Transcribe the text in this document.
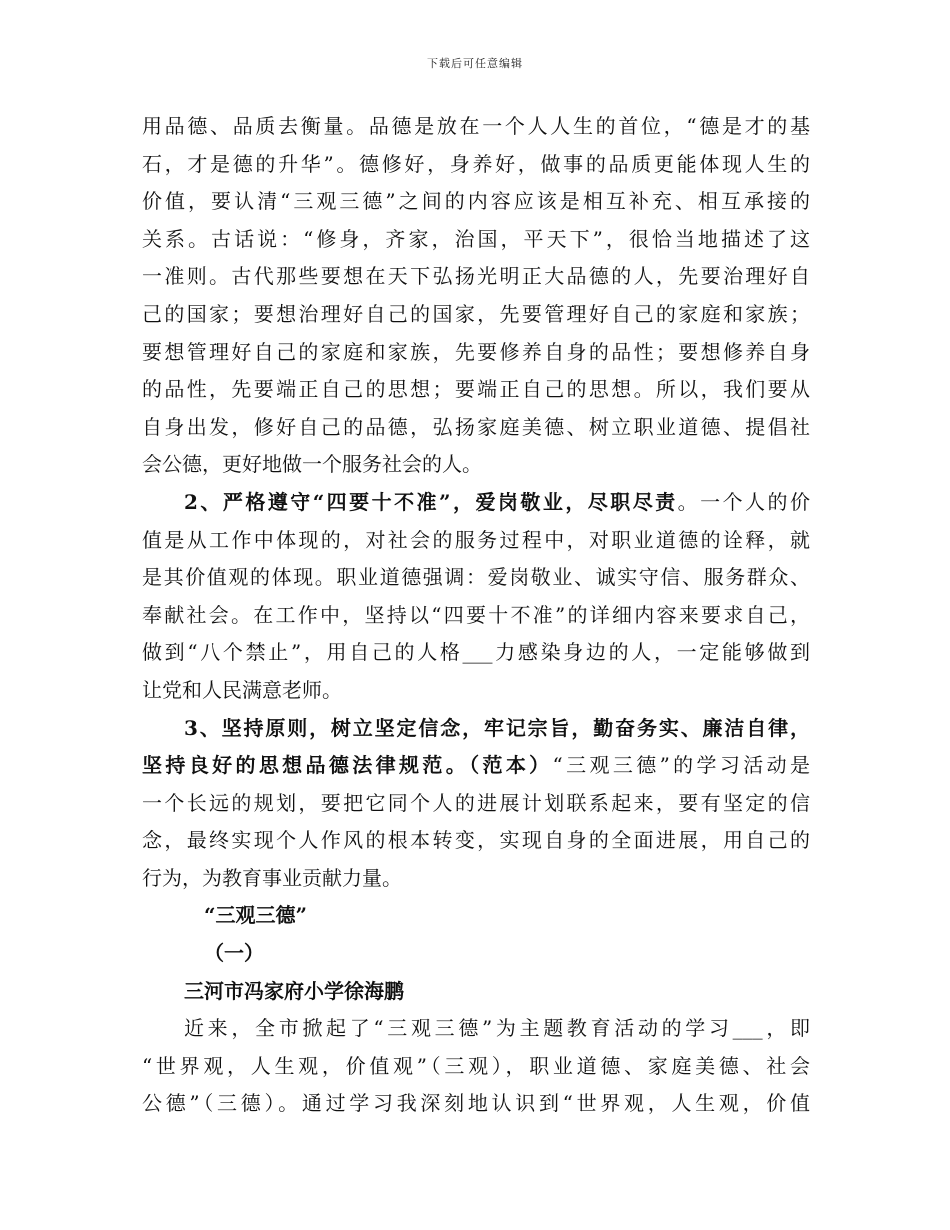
下载后可任意编辑
用品德、品质去衡量。品德是放在一个人人生的首位，“德是才的基
石，才是德的升华”。德修好，身养好，做事的品质更能体现人生的
价值，要认清“三观三德”之间的内容应该是相互补充、相互承接的
关系。古话说：“修身，齐家，治国，平天下”，很恰当地描述了这
一准则。古代那些要想在天下弘扬光明正大品德的人，先要治理好自
己的国家；要想治理好自己的国家，先要管理好自己的家庭和家族；
要想管理好自己的家庭和家族，先要修养自身的品性；要想修养自身
的品性，先要端正自己的思想；要端正自己的思想。所以，我们要从
自身出发，修好自己的品德，弘扬家庭美德、树立职业道德、提倡社
会公德，更好地做一个服务社会的人。
2、严格遵守“四要十不准”，爱岗敬业，尽职尽责。一个人的价
值是从工作中体现的，对社会的服务过程中，对职业道德的诠释，就
是其价值观的体现。职业道德强调：爱岗敬业、诚实守信、服务群众、
奉献社会。在工作中，坚持以“四要十不准”的详细内容来要求自己，
做到“八个禁止”，用自己的人格___力感染身边的人，一定能够做到
让党和人民满意老师。
3、坚持原则，树立坚定信念，牢记宗旨，勤奋务实、廉洁自律，
坚持良好的思想品德法律规范。（范本）“三观三德”的学习活动是
一个长远的规划，要把它同个人的进展计划联系起来，要有坚定的信
念，最终实现个人作风的根本转变，实现自身的全面进展，用自己的
行为，为教育事业贡献力量。
“三观三德”
（一）
三河市冯家府小学徐海鹏
近来，全市掀起了“三观三德”为主题教育活动的学习___，即
“世界观，人生观，价值观”（三观），职业道德、家庭美德、社会
公德”（三德）。通过学习我深刻地认识到“世界观，人生观，价值
